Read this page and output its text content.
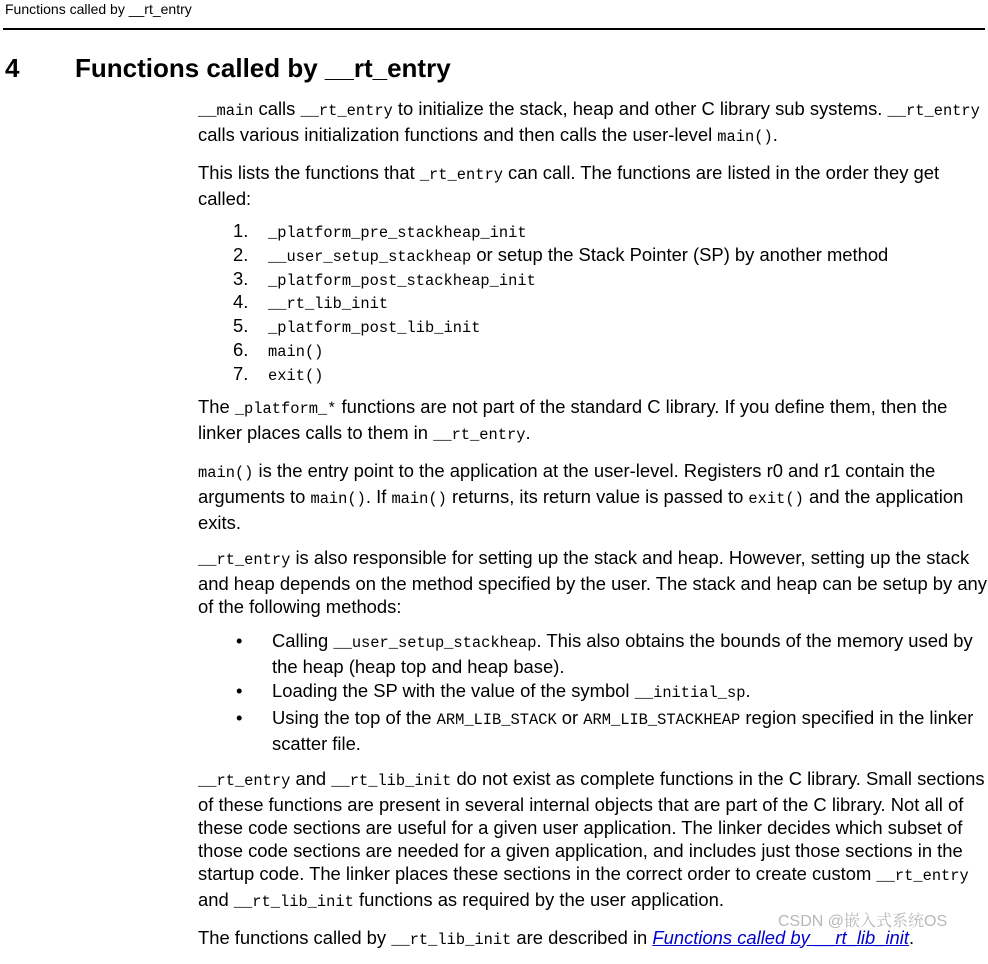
Functions called by __rt_entry
4 Functions called by __rt_entry

__main calls __rt_entry to initialize the stack, heap and other C library sub systems. __rt_entry calls various initialization functions and then calls the user-level main().

This lists the functions that _rt_entry can call. The functions are listed in the order they get called:

1. _platform_pre_stackheap_init
2. __user_setup_stackheap or setup the Stack Pointer (SP) by another method
3. _platform_post_stackheap_init
4. __rt_lib_init
5. _platform_post_lib_init
6. main()
7. exit()

The _platform_* functions are not part of the standard C library. If you define them, then the linker places calls to them in __rt_entry.

main() is the entry point to the application at the user-level. Registers r0 and r1 contain the arguments to main(). If main() returns, its return value is passed to exit() and the application exits.

__rt_entry is also responsible for setting up the stack and heap. However, setting up the stack and heap depends on the method specified by the user. The stack and heap can be setup by any of the following methods:

• Calling __user_setup_stackheap. This also obtains the bounds of the memory used by the heap (heap top and heap base).
• Loading the SP with the value of the symbol __initial_sp.
• Using the top of the ARM_LIB_STACK or ARM_LIB_STACKHEAP region specified in the linker scatter file.

__rt_entry and __rt_lib_init do not exist as complete functions in the C library. Small sections of these functions are present in several internal objects that are part of the C library. Not all of these code sections are useful for a given user application. The linker decides which subset of those code sections are needed for a given application, and includes just those sections in the startup code. The linker places these sections in the correct order to create custom __rt_entry and __rt_lib_init functions as required by the user application.

The functions called by __rt_lib_init are described in Functions called by __rt_lib_init.

CSDN @嵌入式系统OS
